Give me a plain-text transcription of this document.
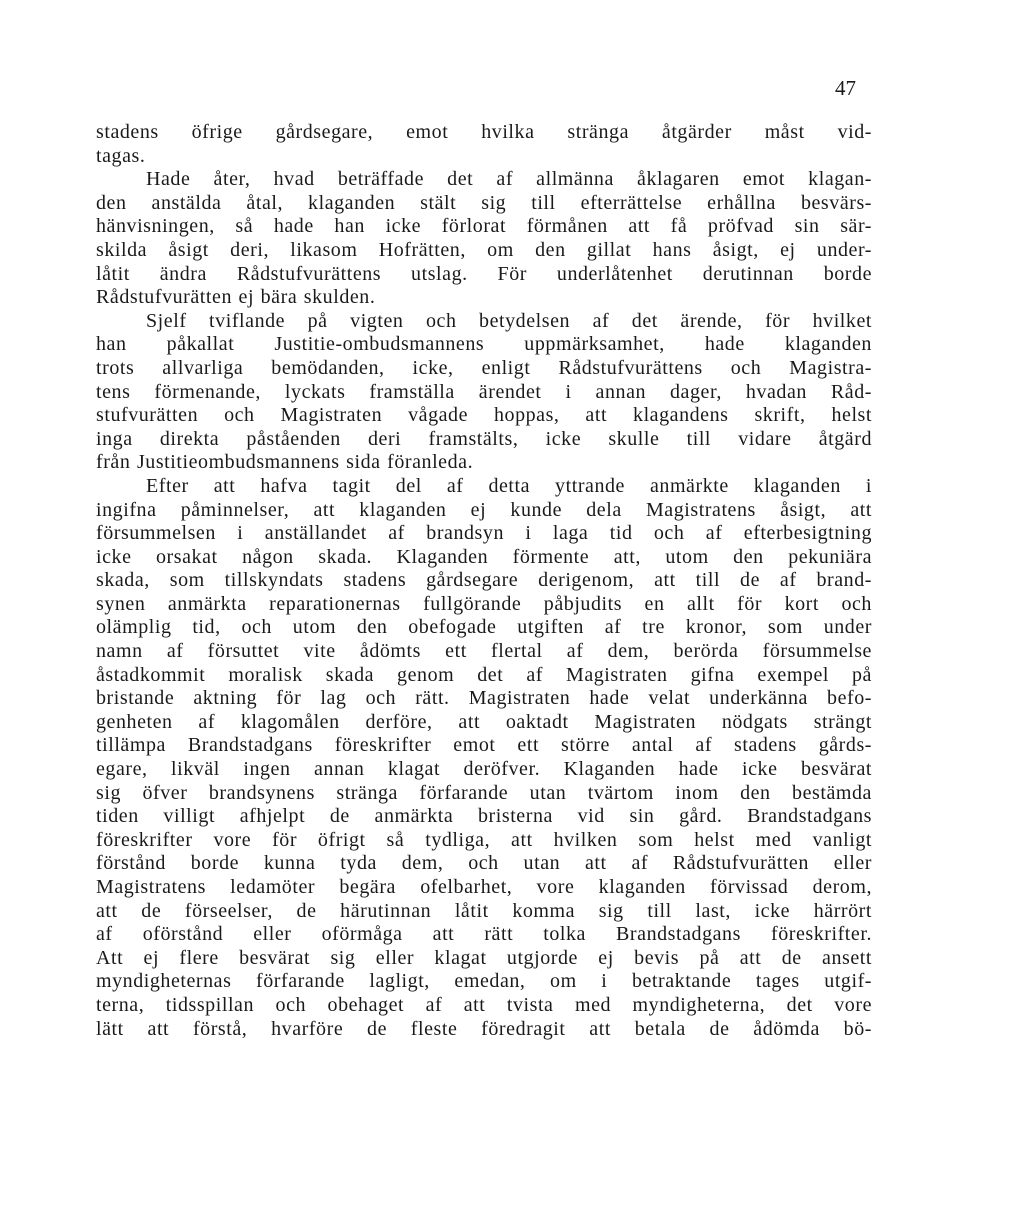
47
stadens öfrige gårdsegare, emot hvilka stränga åtgärder måst vid-
tagas.
Hade åter, hvad beträffade det af allmänna åklagaren emot klagan-
den anstälda åtal, klaganden stält sig till efterrättelse erhållna besvärs-
hänvisningen, så hade han icke förlorat förmånen att få pröfvad sin sär-
skilda åsigt deri, likasom Hofrätten, om den gillat hans åsigt, ej under-
låtit ändra Rådstufvurättens utslag. För underlåtenhet derutinnan borde
Rådstufvurätten ej bära skulden.
Sjelf tviflande på vigten och betydelsen af det ärende, för hvilket
han påkallat Justitie-ombudsmannens uppmärksamhet, hade klaganden
trots allvarliga bemödanden, icke, enligt Rådstufvurättens och Magistra-
tens förmenande, lyckats framställa ärendet i annan dager, hvadan Råd-
stufvurätten och Magistraten vågade hoppas, att klagandens skrift, helst
inga direkta påståenden deri framstälts, icke skulle till vidare åtgärd
från Justitieombudsmannens sida föranleda.
Efter att hafva tagit del af detta yttrande anmärkte klaganden i
ingifna påminnelser, att klaganden ej kunde dela Magistratens åsigt, att
försummelsen i anställandet af brandsyn i laga tid och af efterbesigtning
icke orsakat någon skada. Klaganden förmente att, utom den pekuniära
skada, som tillskyndats stadens gårdsegare derigenom, att till de af brand-
synen anmärkta reparationernas fullgörande påbjudits en allt för kort och
olämplig tid, och utom den obefogade utgiften af tre kronor, som under
namn af försuttet vite ådömts ett flertal af dem, berörda försummelse
åstadkommit moralisk skada genom det af Magistraten gifna exempel på
bristande aktning för lag och rätt. Magistraten hade velat underkänna befo-
genheten af klagomålen derföre, att oaktadt Magistraten nödgats strängt
tillämpa Brandstadgans föreskrifter emot ett större antal af stadens gårds-
egare, likväl ingen annan klagat deröfver. Klaganden hade icke besvärat
sig öfver brandsynens stränga förfarande utan tvärtom inom den bestämda
tiden villigt afhjelpt de anmärkta bristerna vid sin gård. Brandstadgans
föreskrifter vore för öfrigt så tydliga, att hvilken som helst med vanligt
förstånd borde kunna tyda dem, och utan att af Rådstufvurätten eller
Magistratens ledamöter begära ofelbarhet, vore klaganden förvissad derom,
att de förseelser, de härutinnan låtit komma sig till last, icke härrört
af oförstånd eller oförmåga att rätt tolka Brandstadgans föreskrifter.
Att ej flere besvärat sig eller klagat utgjorde ej bevis på att de ansett
myndigheternas förfarande lagligt, emedan, om i betraktande tages utgif-
terna, tidsspillan och obehaget af att tvista med myndigheterna, det vore
lätt att förstå, hvarföre de fleste föredragit att betala de ådömda bö-
